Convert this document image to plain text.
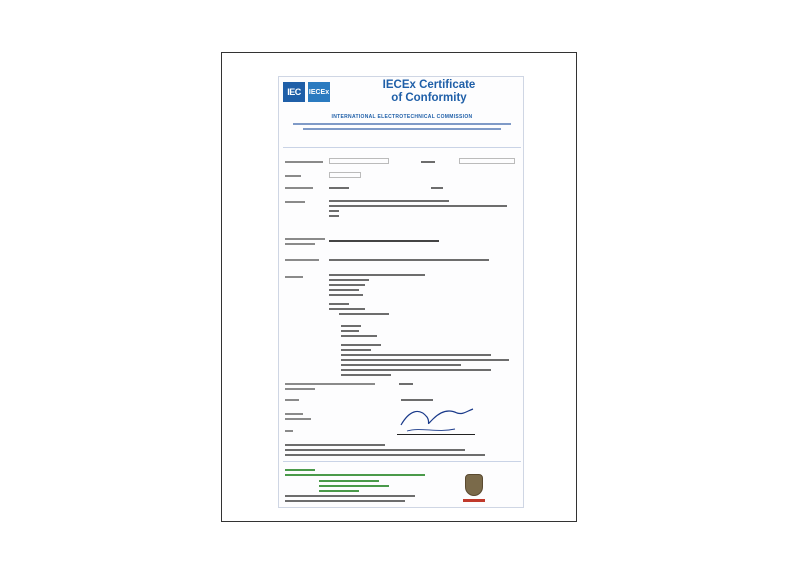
IEC	IECEx
IECEx Certificate
of Conformity
INTERNATIONAL ELECTROTECHNICAL COMMISSION
